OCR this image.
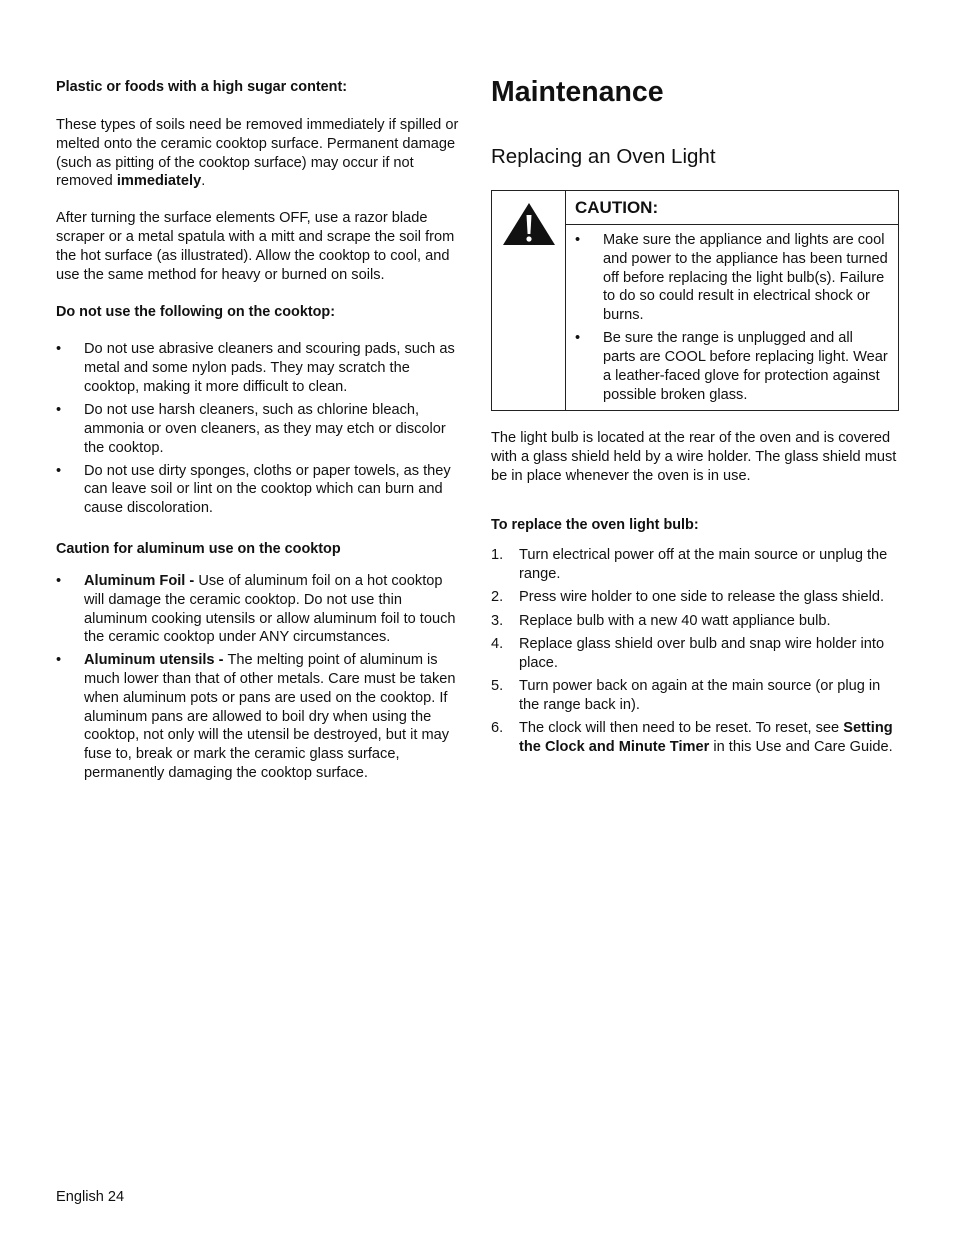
Plastic or foods with a high sugar content:

These types of soils need be removed immediately if spilled or melted onto the ceramic cooktop surface. Permanent damage (such as pitting of the cooktop surface) may occur if not removed immediately.

After turning the surface elements OFF, use a razor blade scraper or a metal spatula with a mitt and scrape the soil from the hot surface (as illustrated). Allow the cooktop to cool, and use the same method for heavy or burned on soils.

Do not use the following on the cooktop:

• Do not use abrasive cleaners and scouring pads, such as metal and some nylon pads. They may scratch the cooktop, making it more difficult to clean.
• Do not use harsh cleaners, such as chlorine bleach, ammonia or oven cleaners, as they may etch or discolor the cooktop.
• Do not use dirty sponges, cloths or paper towels, as they can leave soil or lint on the cooktop which can burn and cause discoloration.

Caution for aluminum use on the cooktop

• Aluminum Foil - Use of aluminum foil on a hot cooktop will damage the ceramic cooktop. Do not use thin aluminum cooking utensils or allow aluminum foil to touch the ceramic cooktop under ANY circumstances.
• Aluminum utensils - The melting point of aluminum is much lower than that of other metals. Care must be taken when aluminum pots or pans are used on the cooktop. If aluminum pans are allowed to boil dry when using the cooktop, not only will the utensil be destroyed, but it may fuse to, break or mark the ceramic glass surface, permanently damaging the cooktop surface.
Maintenance
Replacing an Oven Light
CAUTION:
• Make sure the appliance and lights are cool and power to the appliance has been turned off before replacing the light bulb(s). Failure to do so could result in electrical shock or burns.
• Be sure the range is unplugged and all parts are COOL before replacing light. Wear a leather-faced glove for protection against possible broken glass.

The light bulb is located at the rear of the oven and is covered with a glass shield held by a wire holder. The glass shield must be in place whenever the oven is in use.

To replace the oven light bulb:

1. Turn electrical power off at the main source or unplug the range.
2. Press wire holder to one side to release the glass shield.
3. Replace bulb with a new 40 watt appliance bulb.
4. Replace glass shield over bulb and snap wire holder into place.
5. Turn power back on again at the main source (or plug in the range back in).
6. The clock will then need to be reset. To reset, see Setting the Clock and Minute Timer in this Use and Care Guide.
English 24
